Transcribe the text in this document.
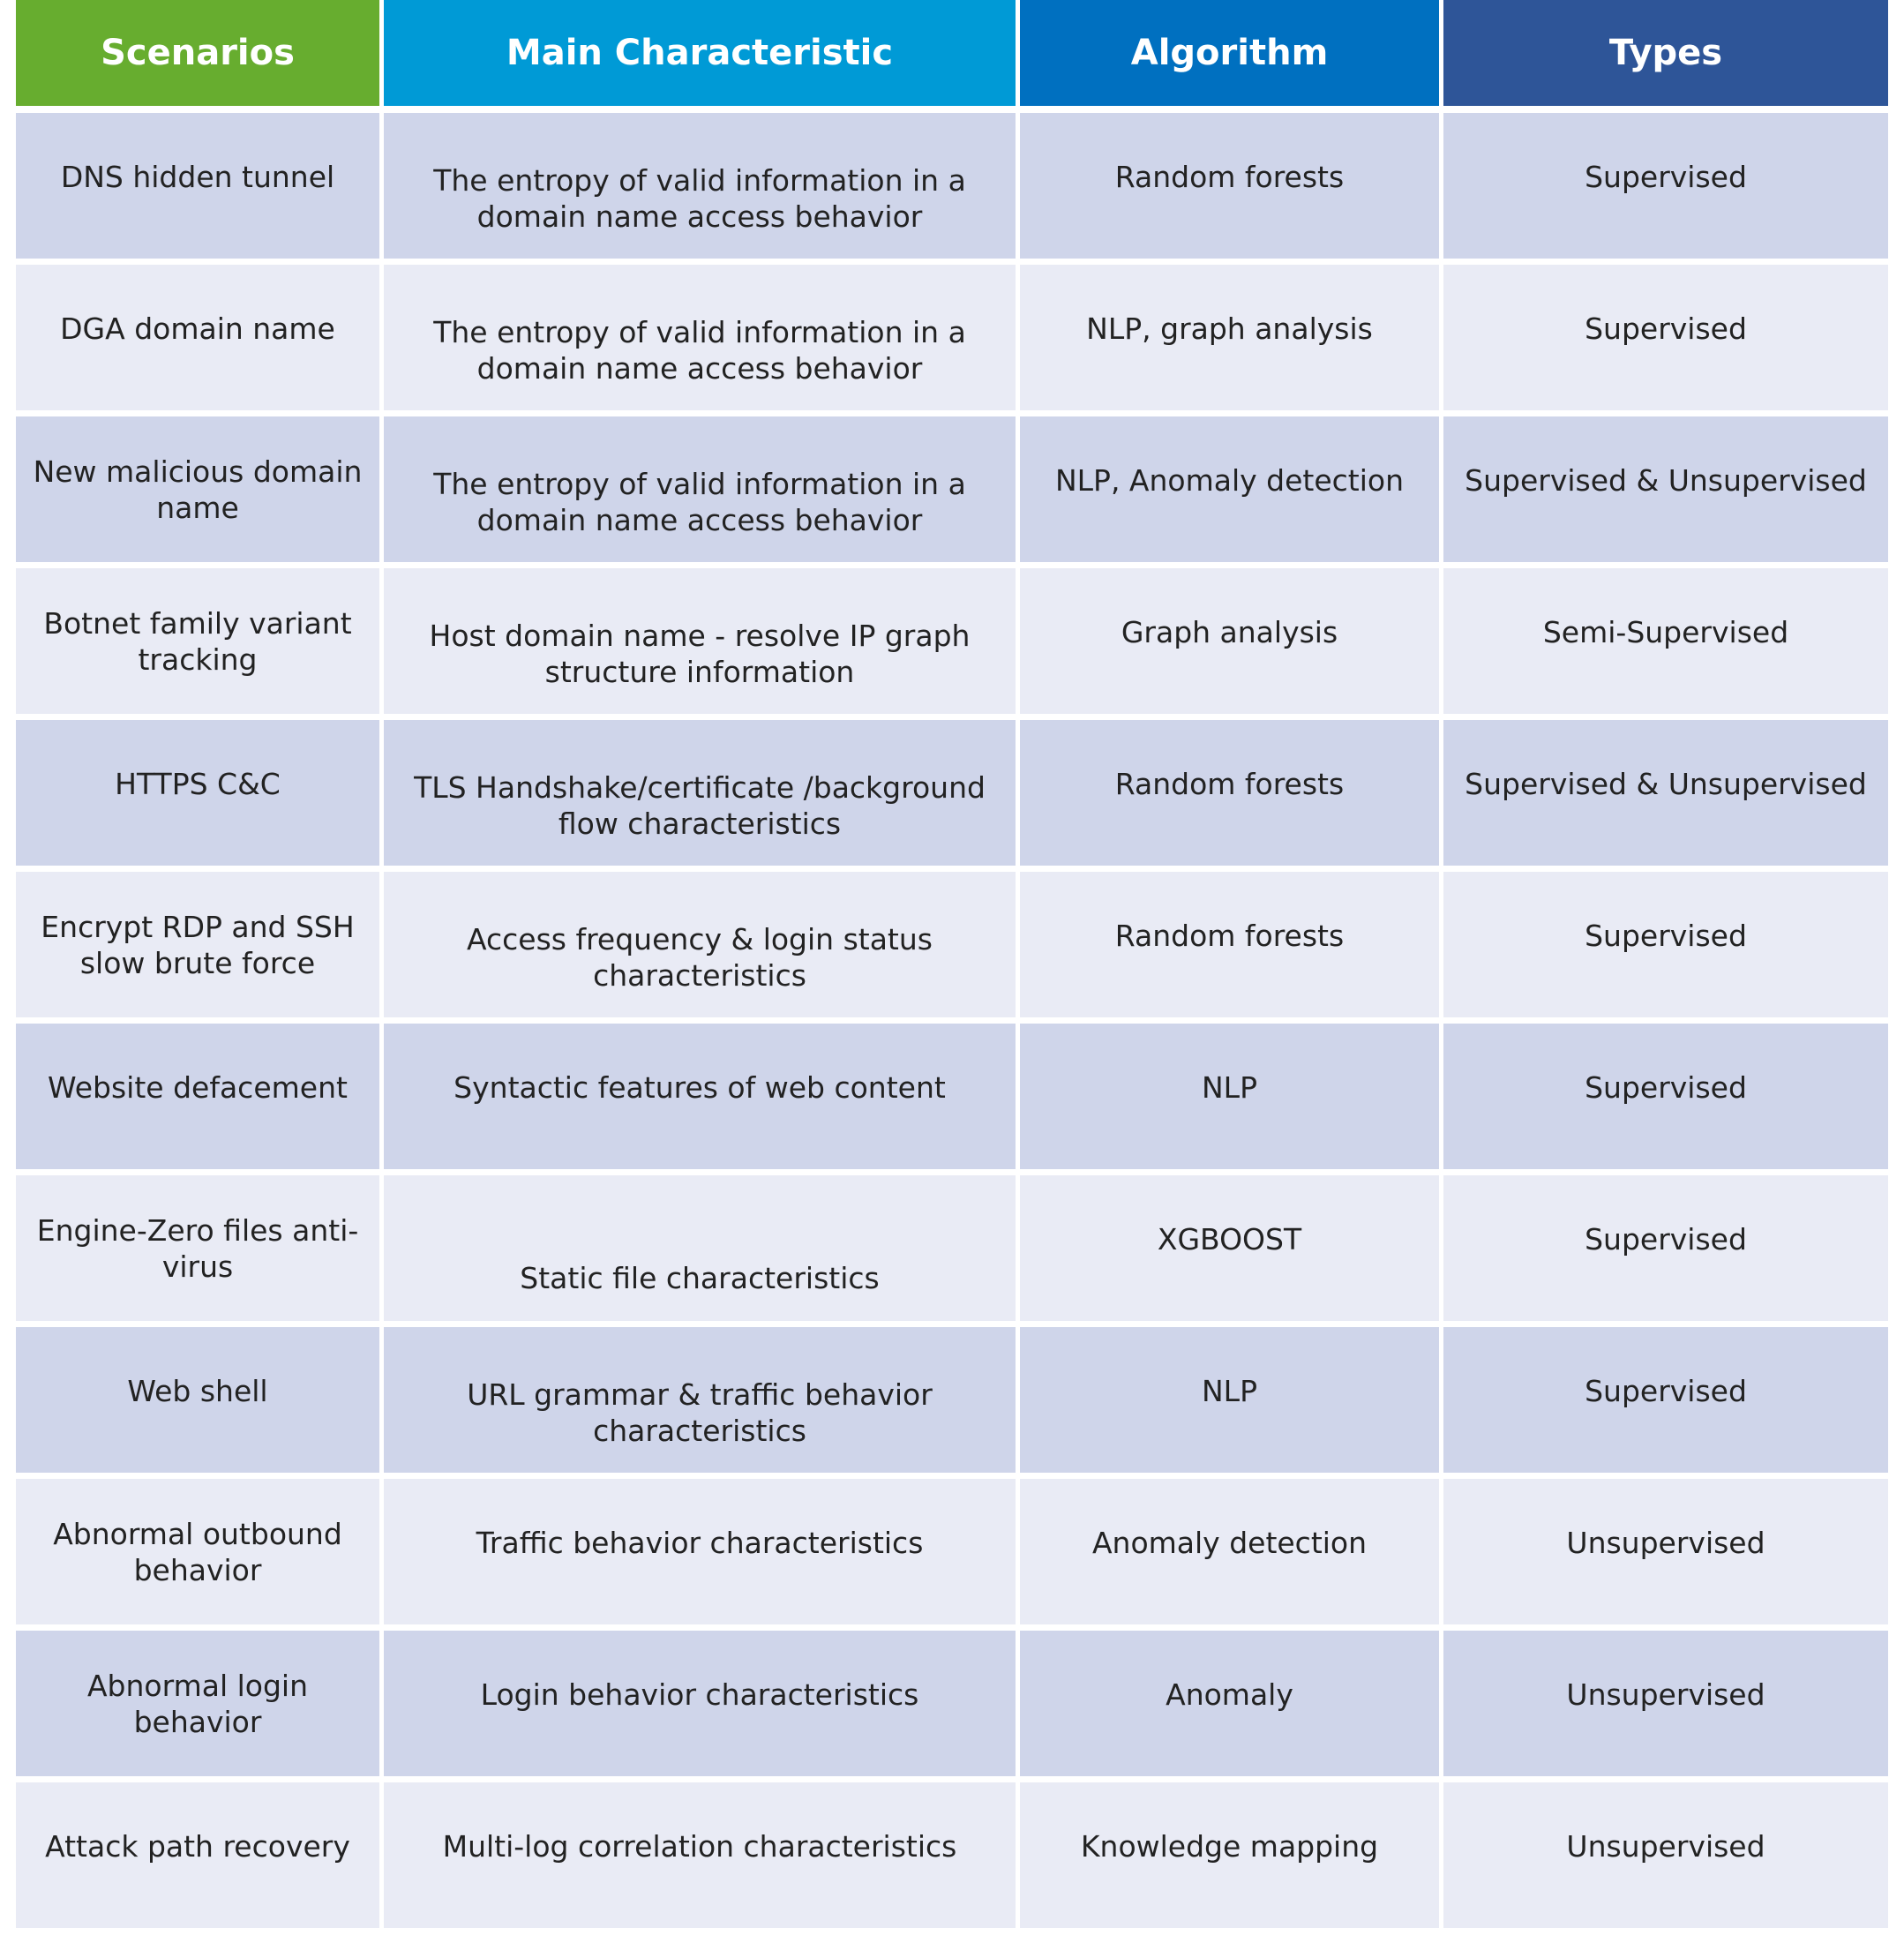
Scenarios	Main Characteristic	Algorithm	Types
DNS hidden tunnel	The entropy of valid information in a domain name access behavior	Random forests	Supervised
DGA domain name	The entropy of valid information in a domain name access behavior	NLP, graph analysis	Supervised
New malicious domain name	The entropy of valid information in a domain name access behavior	NLP, Anomaly detection	Supervised & Unsupervised
Botnet family variant tracking	Host domain name - resolve IP graph structure information	Graph analysis	Semi-Supervised
HTTPS C&C	TLS Handshake/certificate /background flow characteristics	Random forests	Supervised & Unsupervised
Encrypt RDP and SSH slow brute force	Access frequency & login status characteristics	Random forests	Supervised
Website defacement	Syntactic features of web content	NLP	Supervised
Engine-Zero files anti-virus	Static file characteristics	XGBOOST	Supervised
Web shell	URL grammar & traffic behavior characteristics	NLP	Supervised
Abnormal outbound behavior	Traffic behavior characteristics	Anomaly detection	Unsupervised
Abnormal login behavior	Login behavior characteristics	Anomaly	Unsupervised
Attack path recovery	Multi-log correlation characteristics	Knowledge mapping	Unsupervised
